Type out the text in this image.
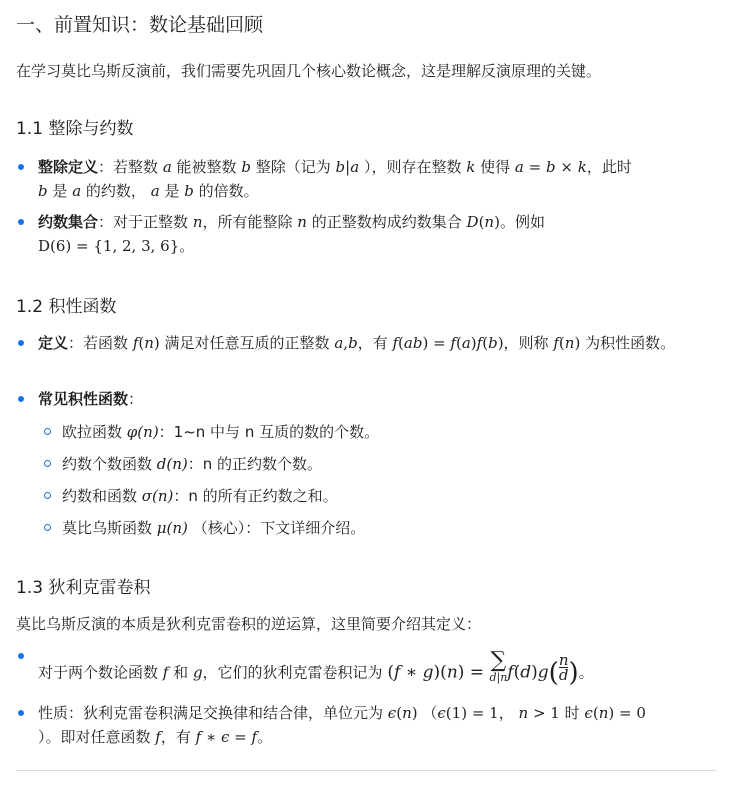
一、前置知识：数论基础回顾

在学习莫比乌斯反演前，我们需要先巩固几个核心数论概念，这是理解反演原理的关键。

1.1 整除与约数
整除定义：若整数 a 能被整数 b 整除（记为 b|a ），则存在整数 k 使得 a = b × k，此时
b 是 a 的约数， a 是 b 的倍数。
约数集合：对于正整数 n，所有能整除 n 的正整数构成约数集合 D(n)。例如
D(6) = {1, 2, 3, 6}。
1.2 积性函数
定义：若函数 f(n) 满足对任意互质的正整数 a,b，有 f(ab) = f(a)f(b)，则称 f(n) 为积性函数。
常见积性函数：
欧拉函数 φ(n)：1~n 中与 n 互质的数的个数。
约数个数函数 d(n)：n 的正约数个数。
约数和函数 σ(n)：n 的所有正约数之和。
莫比乌斯函数 μ(n) （核心）：下文详细介绍。
1.3 狄利克雷卷积

莫比乌斯反演的本质是狄利克雷卷积的逆运算，这里简要介绍其定义：

对于两个数论函数 f 和 g，它们的狄利克雷卷积记为 (f ∗ g)(n) = ∑
d|n $f(d)g( \frac{n}{d}$ )。
性质：狄利克雷卷积满足交换律和结合律，单位元为 ϵ(n) （ϵ(1) = 1， n > 1 时 ϵ(n) = 0
）。即对任意函数 f，有 f ∗ ϵ = f。
